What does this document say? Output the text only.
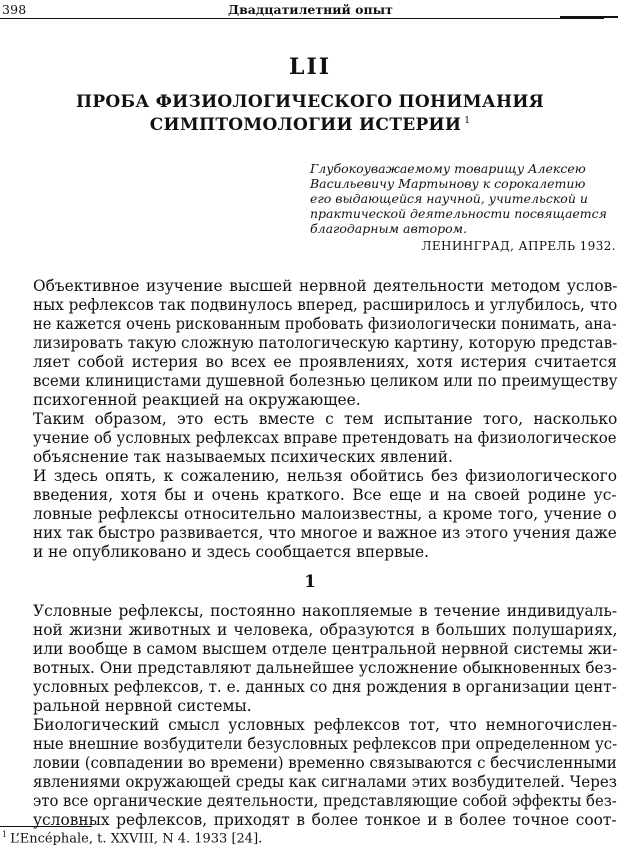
398	Двадцатилетний опыт
LII
ПРОБА ФИЗИОЛОГИЧЕСКОГО ПОНИМАНИЯ
СИМПТОМОЛОГИИ ИСТЕРИИ $^1$
Глубокоуважаемому товарищу Алексею
Васильевичу Мартынову к сорокалетию
его выдающейся научной, учительской и
практической деятельности посвящается
благодарным автором.
ЛЕНИНГРАД, АПРЕЛЬ 1932.
Объективное изучение высшей нервной деятельности методом услов-
ных рефлексов так подвинулось вперед, расширилось и углубилось, что
не кажется очень рискованным пробовать физиологически понимать, ана-
лизировать такую сложную патологическую картину, которую представ-
ляет собой истерия во всех ее проявлениях, хотя истерия считается
всеми клиницистами душевной болезнью целиком или по преимуществу
психогенной реакцией на окружающее.
Таким образом, это есть вместе с тем испытание того, насколько
учение об условных рефлексах вправе претендовать на физиологическое
объяснение так называемых психических явлений.
И здесь опять, к сожалению, нельзя обойтись без физиологического
введения, хотя бы и очень краткого. Все еще и на своей родине ус-
ловные рефлексы относительно малоизвестны, а кроме того, учение о
них так быстро развивается, что многое и важное из этого учения даже
и не опубликовано и здесь сообщается впервые.
1
Условные рефлексы, постоянно накопляемые в течение индивидуаль-
ной жизни животных и человека, образуются в больших полушариях,
или вообще в самом высшем отделе центральной нервной системы жи-
вотных. Они представляют дальнейшее усложнение обыкновенных без-
условных рефлексов, т. е. данных со дня рождения в организации цент-
ральной нервной системы.
Биологический смысл условных рефлексов тот, что немногочислен-
ные внешние возбудители безусловных рефлексов при определенном ус-
ловии (совпадении во времени) временно связываются с бесчисленными
явлениями окружающей среды как сигналами этих возбудителей. Через
это все органические деятельности, представляющие собой эффекты без-
условных рефлексов, приходят в более тонкое и в более точное соот-
$^1$ L’Encéphale, t. XXVIII, N 4. 1933 [24].
